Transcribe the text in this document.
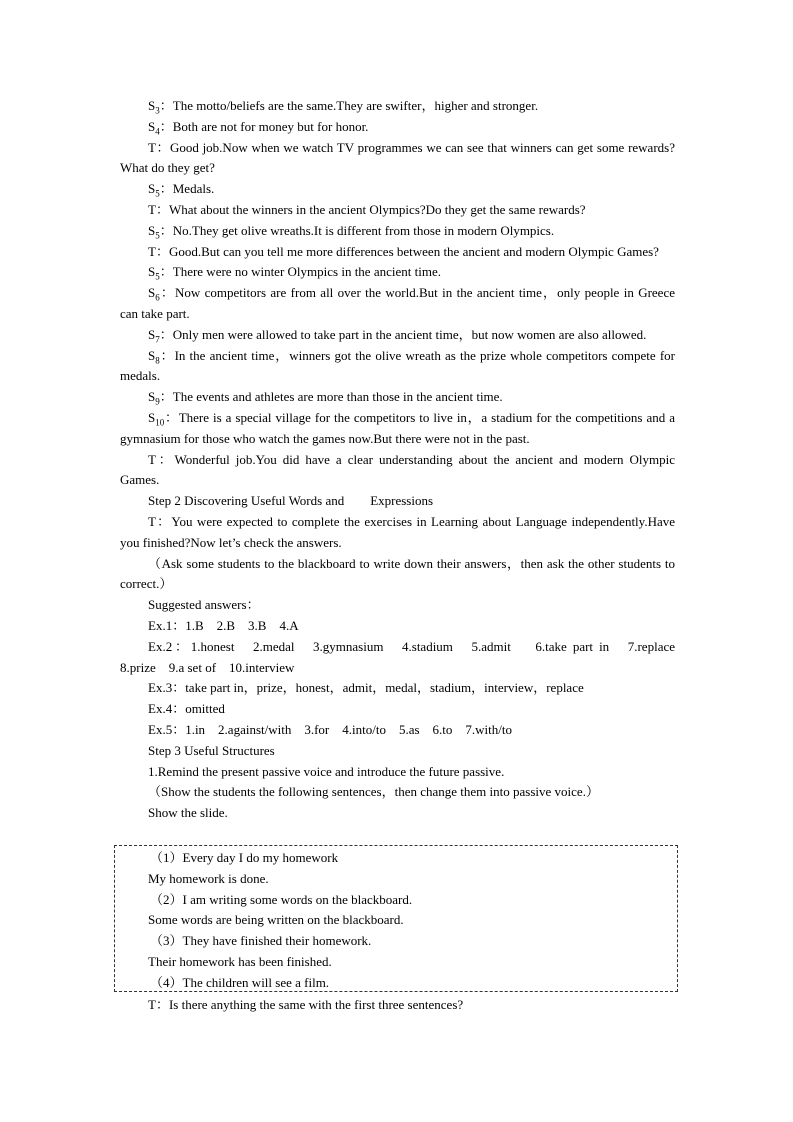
$S_3$：The motto/beliefs are the same.They are swifter，higher and stronger.

$S_4$：Both are not for money but for honor.

T：Good job.Now when we watch TV programmes we can see that winners can get some rewards?What do they get?

$S_5$：Medals.

T：What about the winners in the ancient Olympics?Do they get the same rewards?

$S_5$：No.They get olive wreaths.It is different from those in modern Olympics.

T：Good.But can you tell me more differences between the ancient and modern Olympic Games?

$S_5$：There were no winter Olympics in the ancient time.

$S_6$：Now competitors are from all over the world.But in the ancient time，only people in Greece can take part.

$S_7$：Only men were allowed to take part in the ancient time，but now women are also allowed.

$S_8$：In the ancient time，winners got the olive wreath as the prize whole competitors compete for medals.

$S_9$：The events and athletes are more than those in the ancient time.

$S_{10}$：There is a special village for the competitors to live in，a stadium for the competitions and a gymnasium for those who watch the games now.But there were not in the past.

T：Wonderful job.You did have a clear understanding about the ancient and modern Olympic Games.

Step 2 Discovering Useful Words and　　Expressions

T：You were expected to complete the exercises in Learning about Language independently.Have you finished?Now let’s check the answers.

（Ask some students to the blackboard to write down their answers，then ask the other students to correct.）

Suggested answers：

Ex.1：1.B　2.B　3.B　4.A

Ex.2：1.honest　2.medal　3.gymnasium　4.stadium　5.admit　 6.take part in　7.replace　8.prize　9.a set of　10.interview

Ex.3：take part in，prize，honest，admit，medal，stadium，interview，replace

Ex.4：omitted

Ex.5：1.in　2.against/with　3.for　4.into/to　5.as　6.to　7.with/to

Step 3 Useful Structures

1.Remind the present passive voice and introduce the future passive.

（Show the students the following sentences，then change them into passive voice.）

Show the slide.

（1）Every day I do my homework

My homework is done.

（2）I am writing some words on the blackboard.

Some words are being written on the blackboard.

（3）They have finished their homework.

Their homework has been finished.

（4）The children will see a film.

T：Is there anything the same with the first three sentences?
